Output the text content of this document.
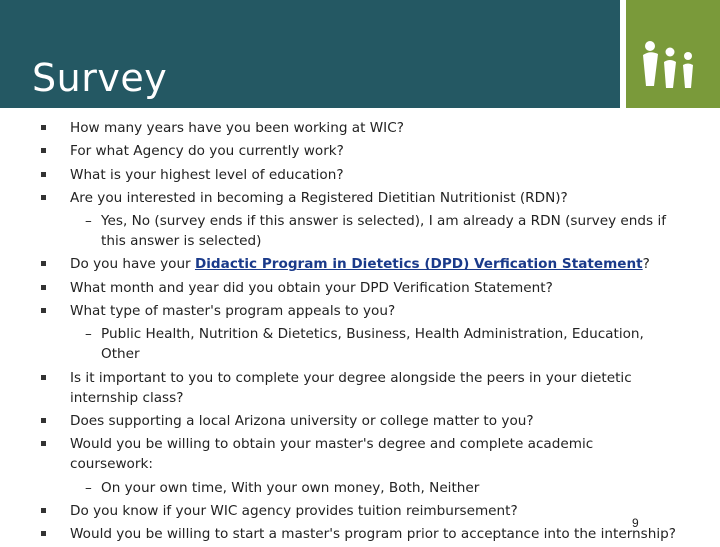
Survey
How many years have you been working at WIC?
For what Agency do you currently work?
What is your highest level of education?
Are you interested in becoming a Registered Dietitian Nutritionist (RDN)?
– Yes, No (survey ends if this answer is selected), I am already a RDN (survey ends if this answer is selected)
Do you have your Didactic Program in Dietetics (DPD) Verfication Statement?
What month and year did you obtain your DPD Verification Statement?
What type of master's program appeals to you?
– Public Health, Nutrition & Dietetics, Business, Health Administration, Education, Other
Is it important to you to complete your degree alongside the peers in your dietetic internship class?
Does supporting a local Arizona university or college matter to you?
Would you be willing to obtain your master's degree and complete academic coursework:
– On your own time, With your own money, Both, Neither
Do you know if your WIC agency provides tuition reimbursement?
Would you be willing to start a master's program prior to acceptance into the internship?
9
